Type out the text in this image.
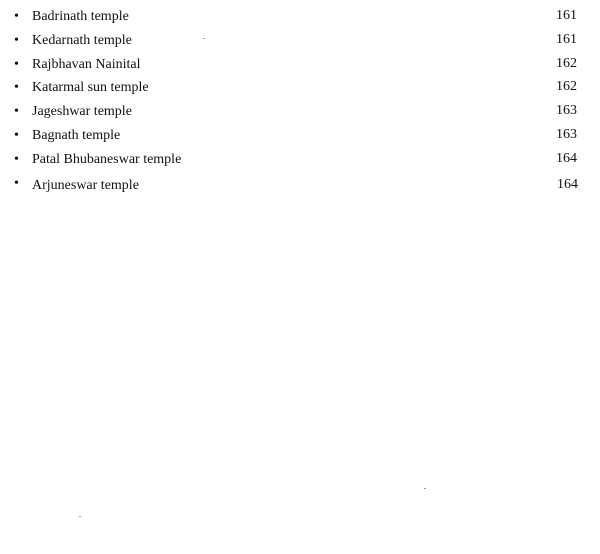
• Badrinath temple	161
• Kedarnath temple	161
• Rajbhavan Nainital	162
• Katarmal sun temple	162
• Jageshwar temple	163
• Bagnath temple	163
• Patal Bhubaneswar temple	164
• Arjuneswar temple	164
